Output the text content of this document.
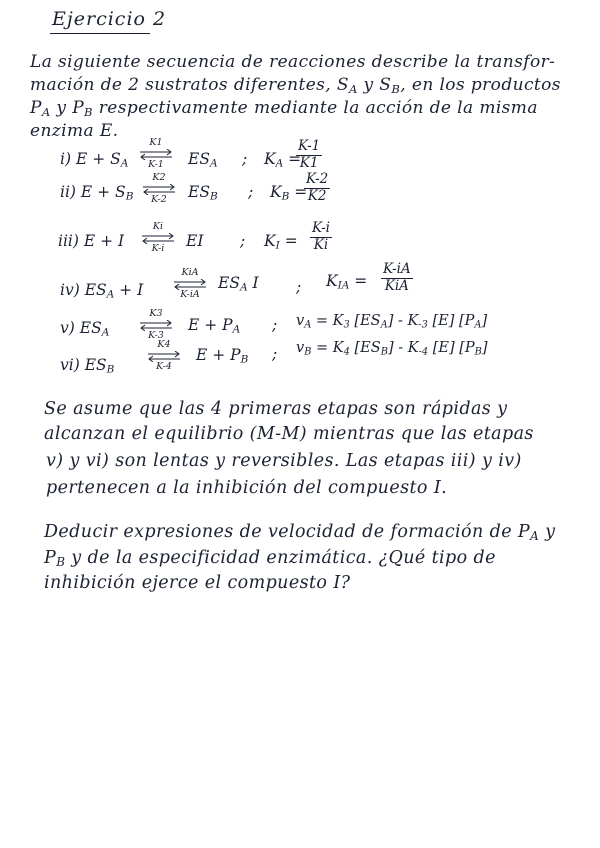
Ejercicio 2
La siguiente secuencia de reacciones describe la transfor-
mación de 2 sustratos diferentes, $S_A$ y $S_B$, en los productos
$P_A$ y $P_B$ respectivamente mediante la acción de la misma
enzima E.
i) $E + S_A$
K1
K-1	$ES_A$ ; $K_A$ =
$\frac{K-1}{K1}$
ii) $E + S_B$
K2
K-2	$ES_B$ ; $K_B$ =
$\frac{K-2}{K2}$
iii) E + I
Ki
K-i	EI ; $K_I = \frac{K-i}{Ki}$
iv) $ES_A + I$
KiA
K-iA
$ES_A$ I ; $K_{IA}$ =
K-iA
KiA
v) $ES_A$
K3
K-3
$E + P_A$ ; $v_A = K_3$ $[ES_A] - K_{-3}$ [E] $[P_A]$
vi) $ES_B$
K4
K-4
$E + P_B$ ; $v_B = K_4$ $[ES_B] - K_{-4}$ [E] $[P_B]$
Se asume que las 4 primeras etapas son rápidas y
alcanzan el equilibrio (M-M) mientras que las etapas
v) y vi) son lentas y reversibles. Las etapas iii) y iv)
pertenecen a la inhibición del compuesto I.
Deducir expresiones de velocidad de formación de $P_A$ y
$P_B$ y de la especificidad enzimática. ¿Qué tipo de
inhibición ejerce el compuesto I?
